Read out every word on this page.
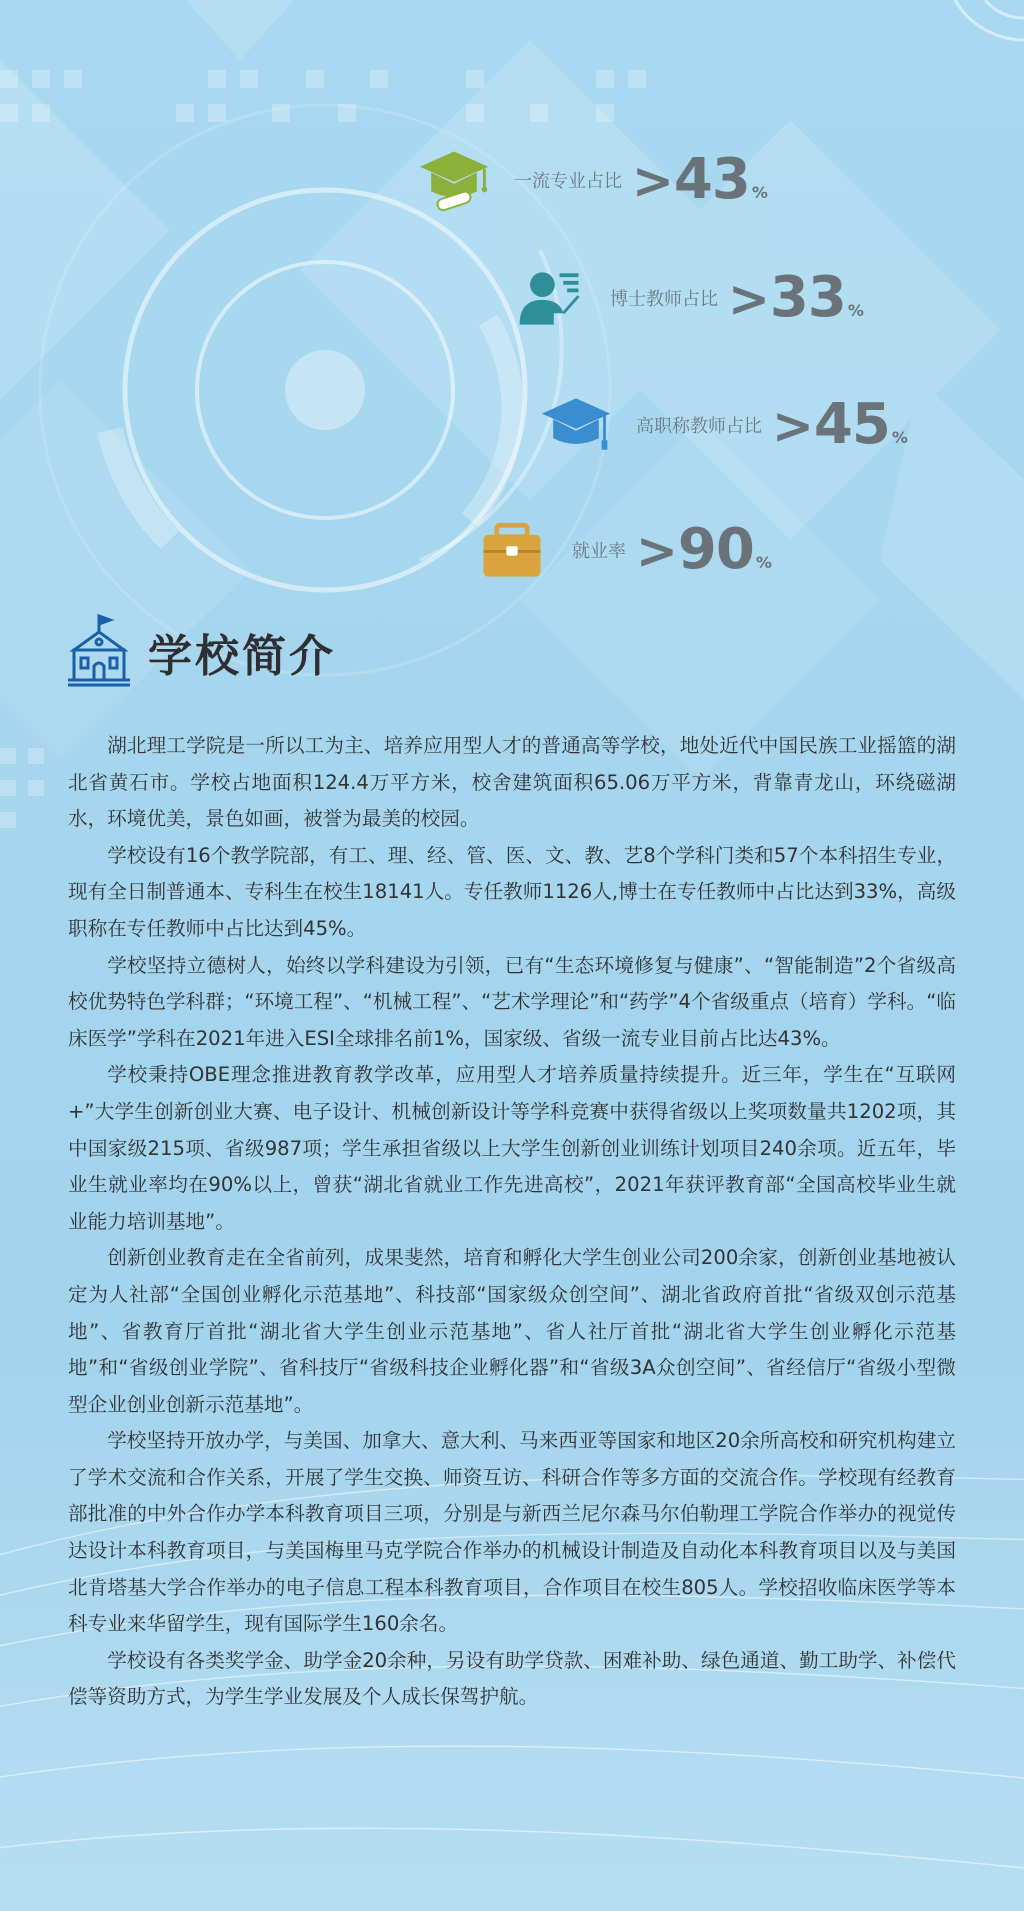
一流专业占比 > 43 %
博士教师占比 > 33 %
高职称教师占比 > 45 %
就业率 > 90 %
学校简介

湖北理工学院是一所以工为主、培养应用型人才的普通高等学校，地处近代中国民族工业摇篮的湖北省黄石市。学校占地面积124.4万平方米，校舍建筑面积65.06万平方米，背靠青龙山，环绕磁湖水，环境优美，景色如画，被誉为最美的校园。

学校设有16个教学院部，有工、理、经、管、医、文、教、艺8个学科门类和57个本科招生专业，现有全日制普通本、专科生在校生18141人。专任教师1126人,博士在专任教师中占比达到33%，高级职称在专任教师中占比达到45%。

学校坚持立德树人，始终以学科建设为引领，已有“生态环境修复与健康”、“智能制造”2个省级高校优势特色学科群；“环境工程”、“机械工程”、“艺术学理论”和“药学”4个省级重点（培育）学科。“临床医学”学科在2021年进入ESI全球排名前1%，国家级、省级一流专业目前占比达43%。

学校秉持OBE理念推进教育教学改革，应用型人才培养质量持续提升。近三年，学生在“互联网+”大学生创新创业大赛、电子设计、机械创新设计等学科竞赛中获得省级以上奖项数量共1202项，其中国家级215项、省级987项；学生承担省级以上大学生创新创业训练计划项目240余项。近五年，毕业生就业率均在90%以上，曾获“湖北省就业工作先进高校”，2021年获评教育部“全国高校毕业生就业能力培训基地”。

创新创业教育走在全省前列，成果斐然，培育和孵化大学生创业公司200余家，创新创业基地被认定为人社部“全国创业孵化示范基地”、科技部“国家级众创空间”、湖北省政府首批“省级双创示范基地”、省教育厅首批“湖北省大学生创业示范基地”、省人社厅首批“湖北省大学生创业孵化示范基地”和“省级创业学院”、省科技厅“省级科技企业孵化器”和“省级3A众创空间”、省经信厅“省级小型微型企业创业创新示范基地”。

学校坚持开放办学，与美国、加拿大、意大利、马来西亚等国家和地区20余所高校和研究机构建立了学术交流和合作关系，开展了学生交换、师资互访、科研合作等多方面的交流合作。学校现有经教育部批准的中外合作办学本科教育项目三项，分别是与新西兰尼尔森马尔伯勒理工学院合作举办的视觉传达设计本科教育项目，与美国梅里马克学院合作举办的机械设计制造及自动化本科教育项目以及与美国北肯塔基大学合作举办的电子信息工程本科教育项目，合作项目在校生805人。学校招收临床医学等本科专业来华留学生，现有国际学生160余名。

学校设有各类奖学金、助学金20余种，另设有助学贷款、困难补助、绿色通道、勤工助学、补偿代偿等资助方式，为学生学业发展及个人成长保驾护航。
